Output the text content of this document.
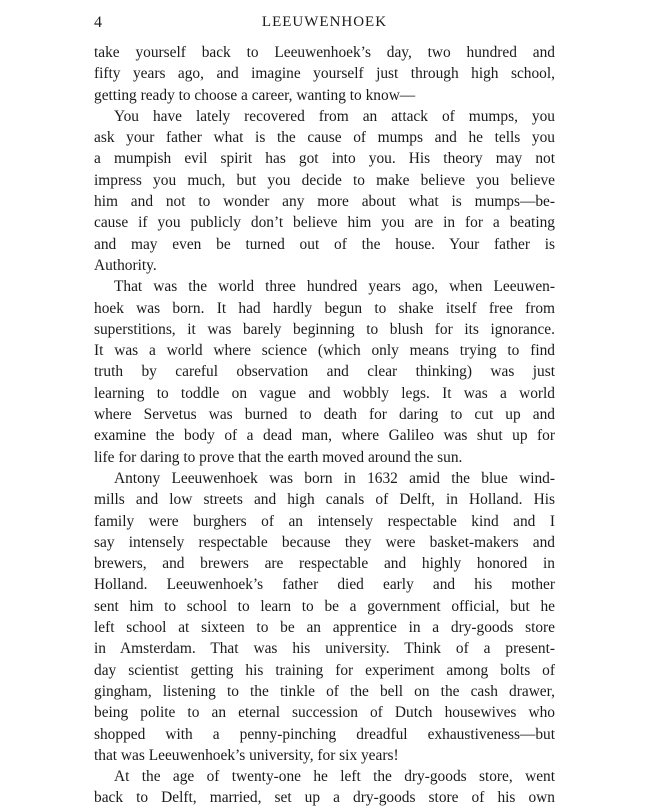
4	LEEUWENHOEK
take yourself back to Leeuwenhoek’s day, two hundred and
fifty years ago, and imagine yourself just through high school,
getting ready to choose a career, wanting to know—
You have lately recovered from an attack of mumps, you
ask your father what is the cause of mumps and he tells you
a mumpish evil spirit has got into you. His theory may not
impress you much, but you decide to make believe you believe
him and not to wonder any more about what is mumps—be-
cause if you publicly don’t believe him you are in for a beating
and may even be turned out of the house. Your father is
Authority.
That was the world three hundred years ago, when Leeuwen-
hoek was born. It had hardly begun to shake itself free from
superstitions, it was barely beginning to blush for its ignorance.
It was a world where science (which only means trying to find
truth by careful observation and clear thinking) was just
learning to toddle on vague and wobbly legs. It was a world
where Servetus was burned to death for daring to cut up and
examine the body of a dead man, where Galileo was shut up for
life for daring to prove that the earth moved around the sun.
Antony Leeuwenhoek was born in 1632 amid the blue wind-
mills and low streets and high canals of Delft, in Holland. His
family were burghers of an intensely respectable kind and I
say intensely respectable because they were basket-makers and
brewers, and brewers are respectable and highly honored in
Holland. Leeuwenhoek’s father died early and his mother
sent him to school to learn to be a government official, but he
left school at sixteen to be an apprentice in a dry-goods store
in Amsterdam. That was his university. Think of a present-
day scientist getting his training for experiment among bolts of
gingham, listening to the tinkle of the bell on the cash drawer,
being polite to an eternal succession of Dutch housewives who
shopped with a penny-pinching dreadful exhaustiveness—but
that was Leeuwenhoek’s university, for six years!
At the age of twenty-one he left the dry-goods store, went
back to Delft, married, set up a dry-goods store of his own
